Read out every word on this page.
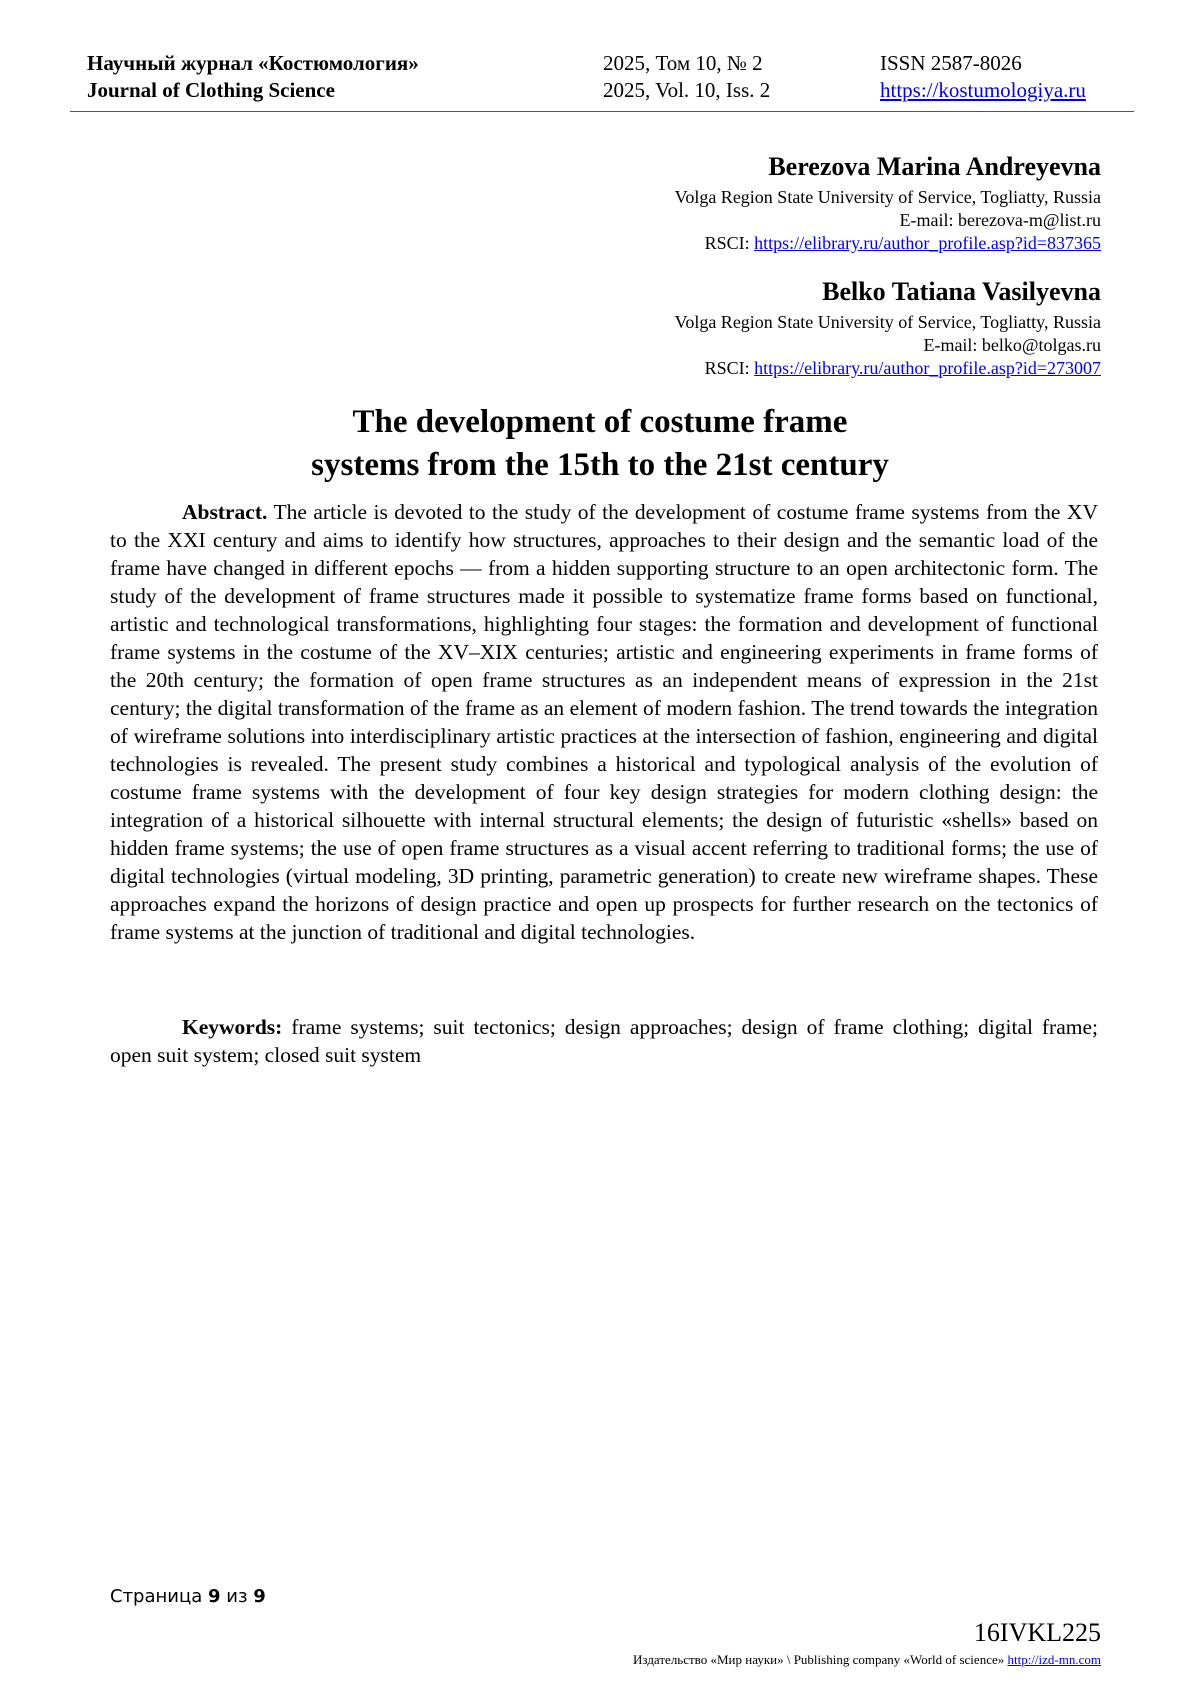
Научный журнал «Костюмология»
Journal of Clothing Science
2025, Том 10, № 2
2025, Vol. 10, Iss. 2
ISSN 2587-8026
https://kostumologiya.ru
Berezova Marina Andreyevna
Volga Region State University of Service, Togliatty, Russia
E-mail: berezova-m@list.ru
RSCI: https://elibrary.ru/author_profile.asp?id=837365
Belko Tatiana Vasilyevna
Volga Region State University of Service, Togliatty, Russia
E-mail: belko@tolgas.ru
RSCI: https://elibrary.ru/author_profile.asp?id=273007
The development of costume frame
systems from the 15th to the 21st century
Abstract. The article is devoted to the study of the development of costume frame systems from the XV to the XXI century and aims to identify how structures, approaches to their design and the semantic load of the frame have changed in different epochs — from a hidden supporting structure to an open architectonic form. The study of the development of frame structures made it possible to systematize frame forms based on functional, artistic and technological transformations, highlighting four stages: the formation and development of functional frame systems in the costume of the XV–XIX centuries; artistic and engineering experiments in frame forms of the 20th century; the formation of open frame structures as an independent means of expression in the 21st century; the digital transformation of the frame as an element of modern fashion. The trend towards the integration of wireframe solutions into interdisciplinary artistic practices at the intersection of fashion, engineering and digital technologies is revealed. The present study combines a historical and typological analysis of the evolution of costume frame systems with the development of four key design strategies for modern clothing design: the integration of a historical silhouette with internal structural elements; the design of futuristic «shells» based on hidden frame systems; the use of open frame structures as a visual accent referring to traditional forms; the use of digital technologies (virtual modeling, 3D printing, parametric generation) to create new wireframe shapes. These approaches expand the horizons of design practice and open up prospects for further research on the tectonics of frame systems at the junction of traditional and digital technologies.
Keywords: frame systems; suit tectonics; design approaches; design of frame clothing; digital frame; open suit system; closed suit system
Страница 9 из 9
16IVKL225
Издательство «Мир науки» \ Publishing company «World of science» http://izd-mn.com
